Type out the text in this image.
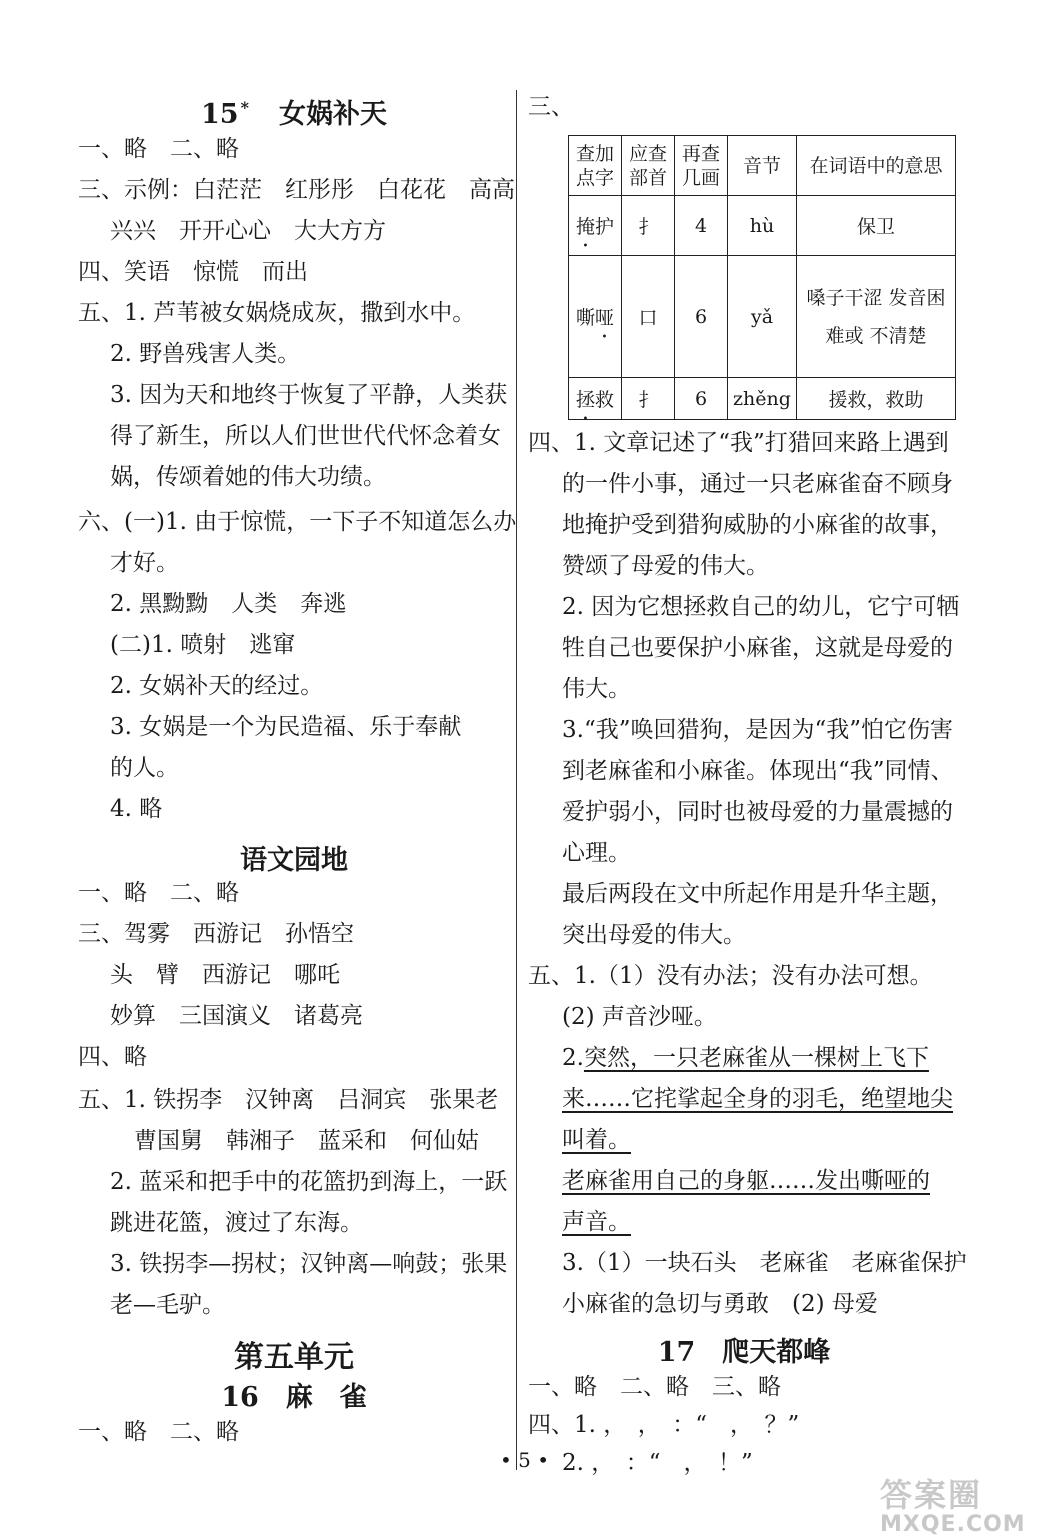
15 * 女娲补天
一、略　二、略
三、示例：白茫茫　红彤彤　白花花　高高
兴兴　开开心心　大大方方
四、笑语　惊慌　而出
五、1. 芦苇被女娲烧成灰，撒到水中。
2. 野兽残害人类。
3. 因为天和地终于恢复了平静，人类获
得了新生，所以人们世世代代怀念着女
娲，传颂着她的伟大功绩。
六、(一)1. 由于惊慌，一下子不知道怎么办
才好。
2. 黑黝黝　人类　奔逃
(二)1. 喷射　逃窜
2. 女娲补天的经过。
3. 女娲是一个为民造福、乐于奉献
的人。
4. 略
语文园地
一、略　二、略
三、驾雾　西游记　孙悟空
头　臂　西游记　哪吒
妙算　三国演义　诸葛亮
四、略
五、1. 铁拐李　汉钟离　吕洞宾　张果老
曹国舅　韩湘子　蓝采和　何仙姑
2. 蓝采和把手中的花篮扔到海上，一跃
跳进花篮，渡过了东海。
3. 铁拐李—拐杖；汉钟离—响鼓；张果
老—毛驴。
第五单元
16　麻　雀
一、略　二、略
三、
查加点字	应查部首	再查几画	音节	在词语中的意思
掩护	扌	4	hù	保卫
嘶哑	口	6	yǎ	嗓子干涩 发音困难或 不清楚
拯救	扌	6	zhěng	援救，救助
四、1. 文章记述了“我”打猎回来路上遇到
的一件小事，通过一只老麻雀奋不顾身
地掩护受到猎狗威胁的小麻雀的故事，
赞颂了母爱的伟大。
2. 因为它想拯救自己的幼儿，它宁可牺
牲自己也要保护小麻雀，这就是母爱的
伟大。
3.“我”唤回猎狗，是因为“我”怕它伤害
到老麻雀和小麻雀。体现出“我”同情、
爱护弱小，同时也被母爱的力量震撼的
心理。
最后两段在文中所起作用是升华主题，
突出母爱的伟大。
五、1.（1）没有办法；没有办法可想。
(2) 声音沙哑。
2.突然，一只老麻雀从一棵树上飞下
来……它挓挲起全身的羽毛，绝望地尖
叫着。
老麻雀用自己的身躯……发出嘶哑的
声音。
3.（1）一块石头　老麻雀　老麻雀保护
小麻雀的急切与勇敢　(2) 母爱
17　爬天都峰
一、略　二、略　三、略
四、1. ，　，　：“　，　？”
2. ，　：“　，　！”
• 5 •
答案圈
MXQE.COM
